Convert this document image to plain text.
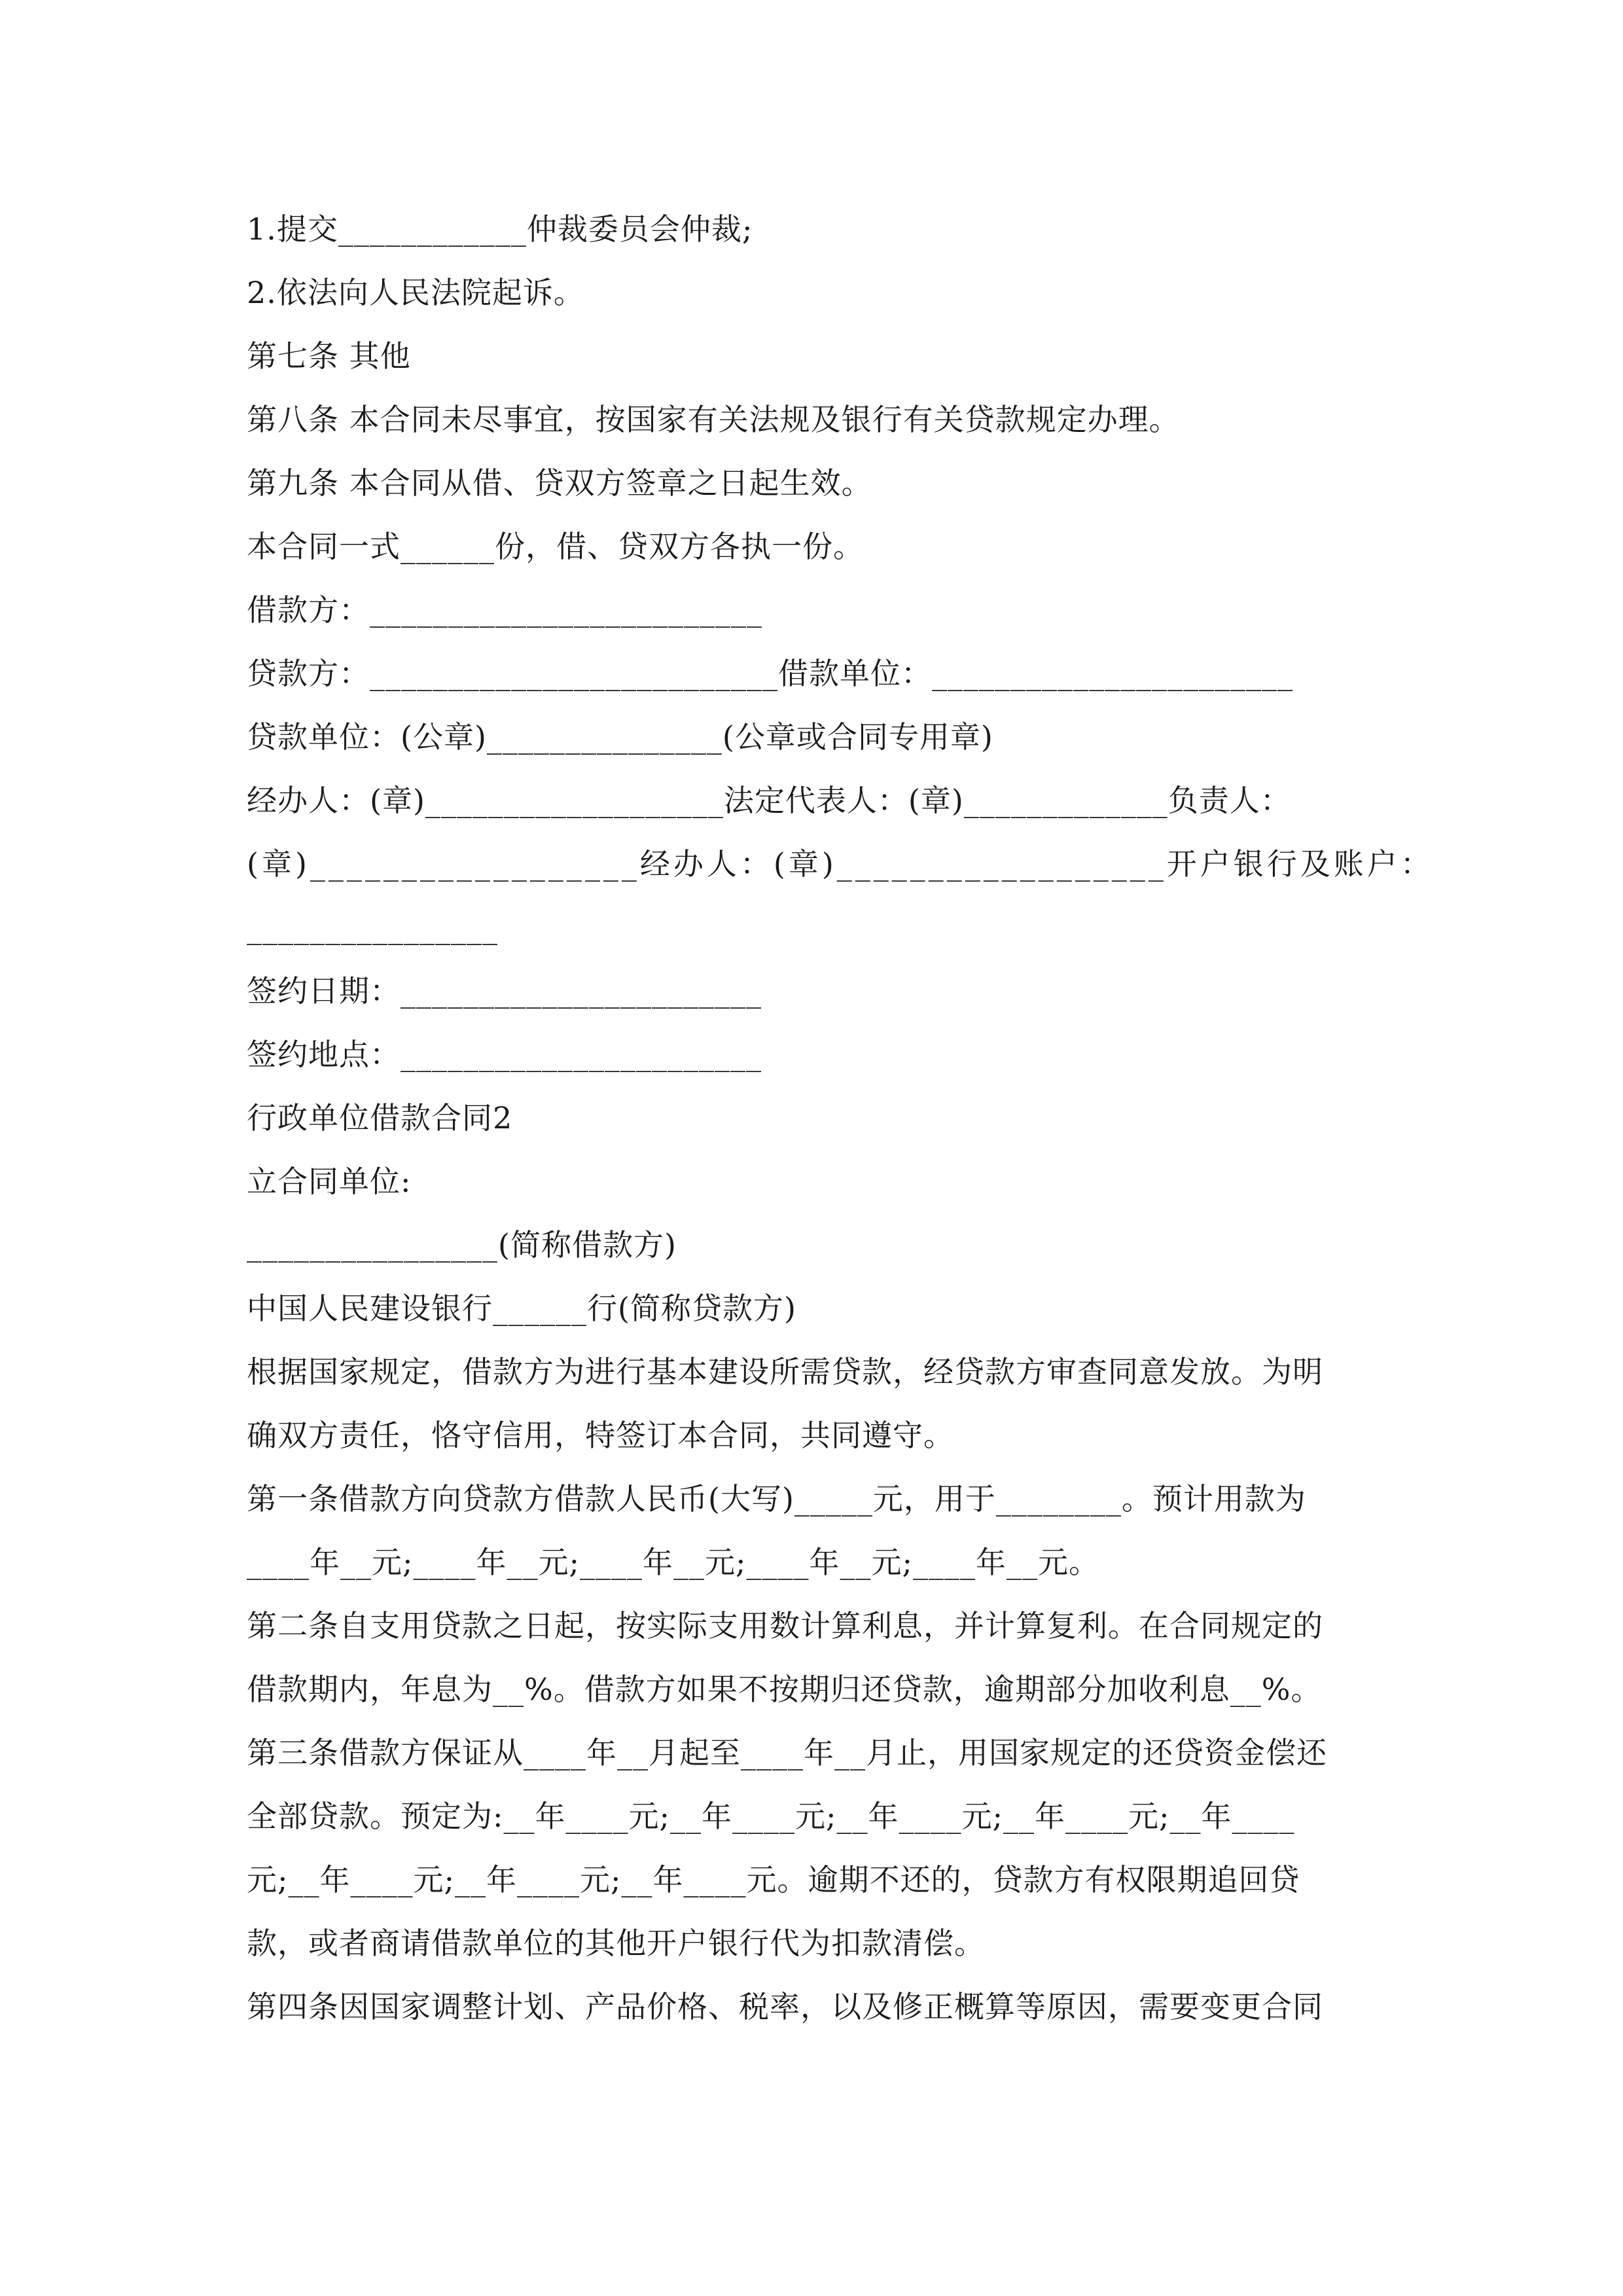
1.提交____________仲裁委员会仲裁;
2.依法向人民法院起诉。
第七条 其他
第八条 本合同未尽事宜，按国家有关法规及银行有关贷款规定办理。
第九条 本合同从借、贷双方签章之日起生效。
本合同一式______份，借、贷双方各执一份。
借款方：_________________________
贷款方：__________________________借款单位：_______________________
贷款单位：(公章)_______________(公章或合同专用章)
经办人：(章)___________________法定代表人：(章)_____________负责人：
(章)__________________经办人：(章)__________________开户银行及账户：
________________
签约日期：_______________________
签约地点：_______________________
行政单位借款合同2
立合同单位:
________________(简称借款方)
中国人民建设银行______行(简称贷款方)
根据国家规定，借款方为进行基本建设所需贷款，经贷款方审查同意发放。为明
确双方责任，恪守信用，特签订本合同，共同遵守。
第一条借款方向贷款方借款人民币(大写)_____元，用于________。预计用款为
____年__元;____年__元;____年__元;____年__元;____年__元。
第二条自支用贷款之日起，按实际支用数计算利息，并计算复利。在合同规定的
借款期内，年息为__%。借款方如果不按期归还贷款，逾期部分加收利息__%。
第三条借款方保证从____年__月起至____年__月止，用国家规定的还贷资金偿还
全部贷款。预定为:__年____元;__年____元;__年____元;__年____元;__年____
元;__年____元;__年____元;__年____元。逾期不还的，贷款方有权限期追回贷
款，或者商请借款单位的其他开户银行代为扣款清偿。
第四条因国家调整计划、产品价格、税率，以及修正概算等原因，需要变更合同
